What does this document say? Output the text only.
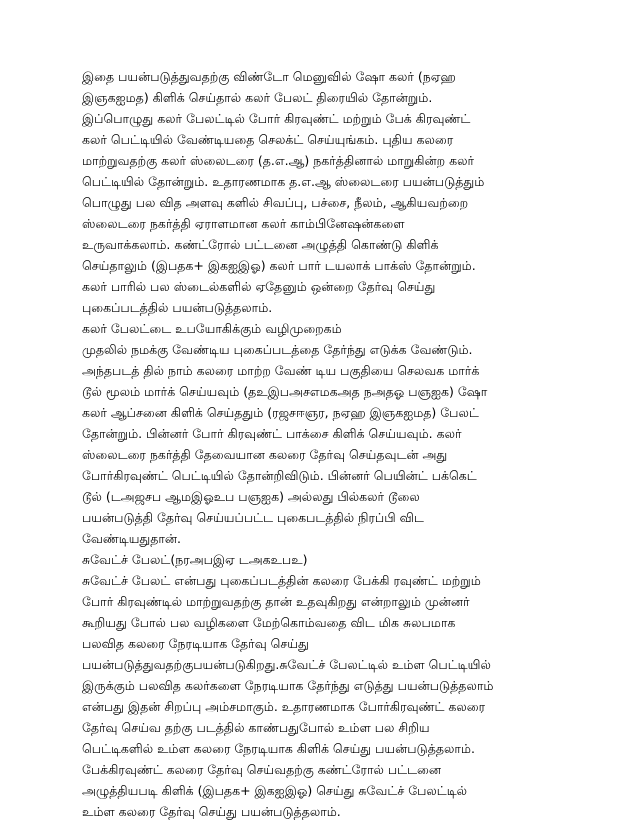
இதை பயன்படுத்துவதற்கு விண்டோ மெனுவில் ஷோ கலர் (நஏஹ
இஞகஐமத) கிளிக் செய்தால் கலர் பேலட் திரையில் தோன்றும்.
இப்பொழுது கலர் பேலட்டில் போர் கிரவுண்ட் மற்றும் பேக் கிரவுண்ட்
கலர் பெட்டியில் வேண்டியதை செலக்ட் செய்யுங்கம். புதிய கலரை
மாற்றுவதற்கு கலர் ஸ்லைடரை (த.எ.ஆ) நகர்த்தினால் மாறுகின்ற கலர்
பெட்டியில் தோன்றும். உதாரணமாக த.எ.ஆ ஸ்லைடரை பயன்படுத்தும்
பொழுது பல வித அளவு களில் சிவப்பு, பச்சை, நீலம், ஆகியவற்றை
ஸ்லைடரை நகர்த்தி ஏராளமான கலர் காம்பினேஷன்களை
உருவாக்கலாம். கண்ட்ரோல் பட்டனை அழுத்தி கொண்டு கிளிக்
செய்தாலும் (இபதக+ இகஐஇஓ) கலர் பார் டயலாக் பாக்ஸ் தோன்றும்.
கலர் பாரில் பல ஸ்டைல்களில் ஏதேனும் ஒன்றை தேர்வு செய்து
புகைப்படத்தில் பயன்படுத்தலாம்.
கலர் பேலட்டை உபயோகிக்கும் வழிமுறைகம்
முதலில் நமக்கு வேண்டிய புகைப்படத்தை தேர்ந்து எடுக்க வேண்டும்.
அந்தபடத் தில் நாம் கலரை மாற்ற வேண் டிய பகுதியை செலவக மார்க்
டூல் மூலம் மார்க் செய்யவும் (தஉஇபஅசஎமகஅத நஅதஓ பஞஐக) ஷோ
கலர் ஆப்சனை கிளிக் செய்ததும் (ரஜசஈஞர, நஏஹ இஞகஐமத) பேலட்
தோன்றும். பின்னர் போர் கிரவுண்ட் பாக்சை கிளிக் செய்யவும். கலர்
ஸ்லைடரை நகர்த்தி தேவையான கலரை தேர்வு செய்தவுடன் அது
போர்கிரவுண்ட் பெட்டியில் தோன்றிவிடும். பின்னர் பெயின்ட் பக்கெட்
டூல் (டஅஜசப ஆமஇஓஉப பஞஐக) அல்லது பில்கலர் டூலை
பயன்படுத்தி தேர்வு செய்யப்பட்ட புகைபடத்தில் நிரப்பி விட
வேண்டியதுதான்.
சுவேட்ச் பேலட்(நரஅபஇஏ டஅகஉபஉ)
சுவேட்ச் பேலட் என்பது புகைப்படத்தின் கலரை பேக்கி ரவுண்ட் மற்றும்
போர் கிரவுண்டில் மாற்றுவதற்கு தான் உதவுகிறது என்றாலும் முன்னர்
கூறியது போல் பல வழிகளை மேற்கொம்வதை விட மிக சுலபமாக
பலவித கலரை நேரடியாக தேர்வு செய்து
பயன்படுத்துவதற்குபயன்படுகிறது.சுவேட்ச் பேலட்டில் உம்ள பெட்டியில்
இருக்கும் பலவித கலர்களை நேரடியாக தேர்ந்து எடுத்து பயன்படுத்தலாம்
என்பது இதன் சிறப்பு அம்சமாகும். உதாரணமாக போர்கிரவுண்ட் கலரை
தேர்வு செய்வ தற்கு படத்தில் காண்பதுபோல் உம்ள பல சிறிய
பெட்டிகளில் உம்ள கலரை நேரடியாக கிளிக் செய்து பயன்படுத்தலாம்.
பேக்கிரவுண்ட் கலரை தேர்வு செய்வதற்கு கண்ட்ரோல் பட்டனை
அழுத்தியபடி கிளிக் (இபதக+ இகஐஇஓ) செய்து சுவேட்ச் பேலட்டில்
உம்ள கலரை தேர்வு செய்து பயன்படுத்தலாம்.
